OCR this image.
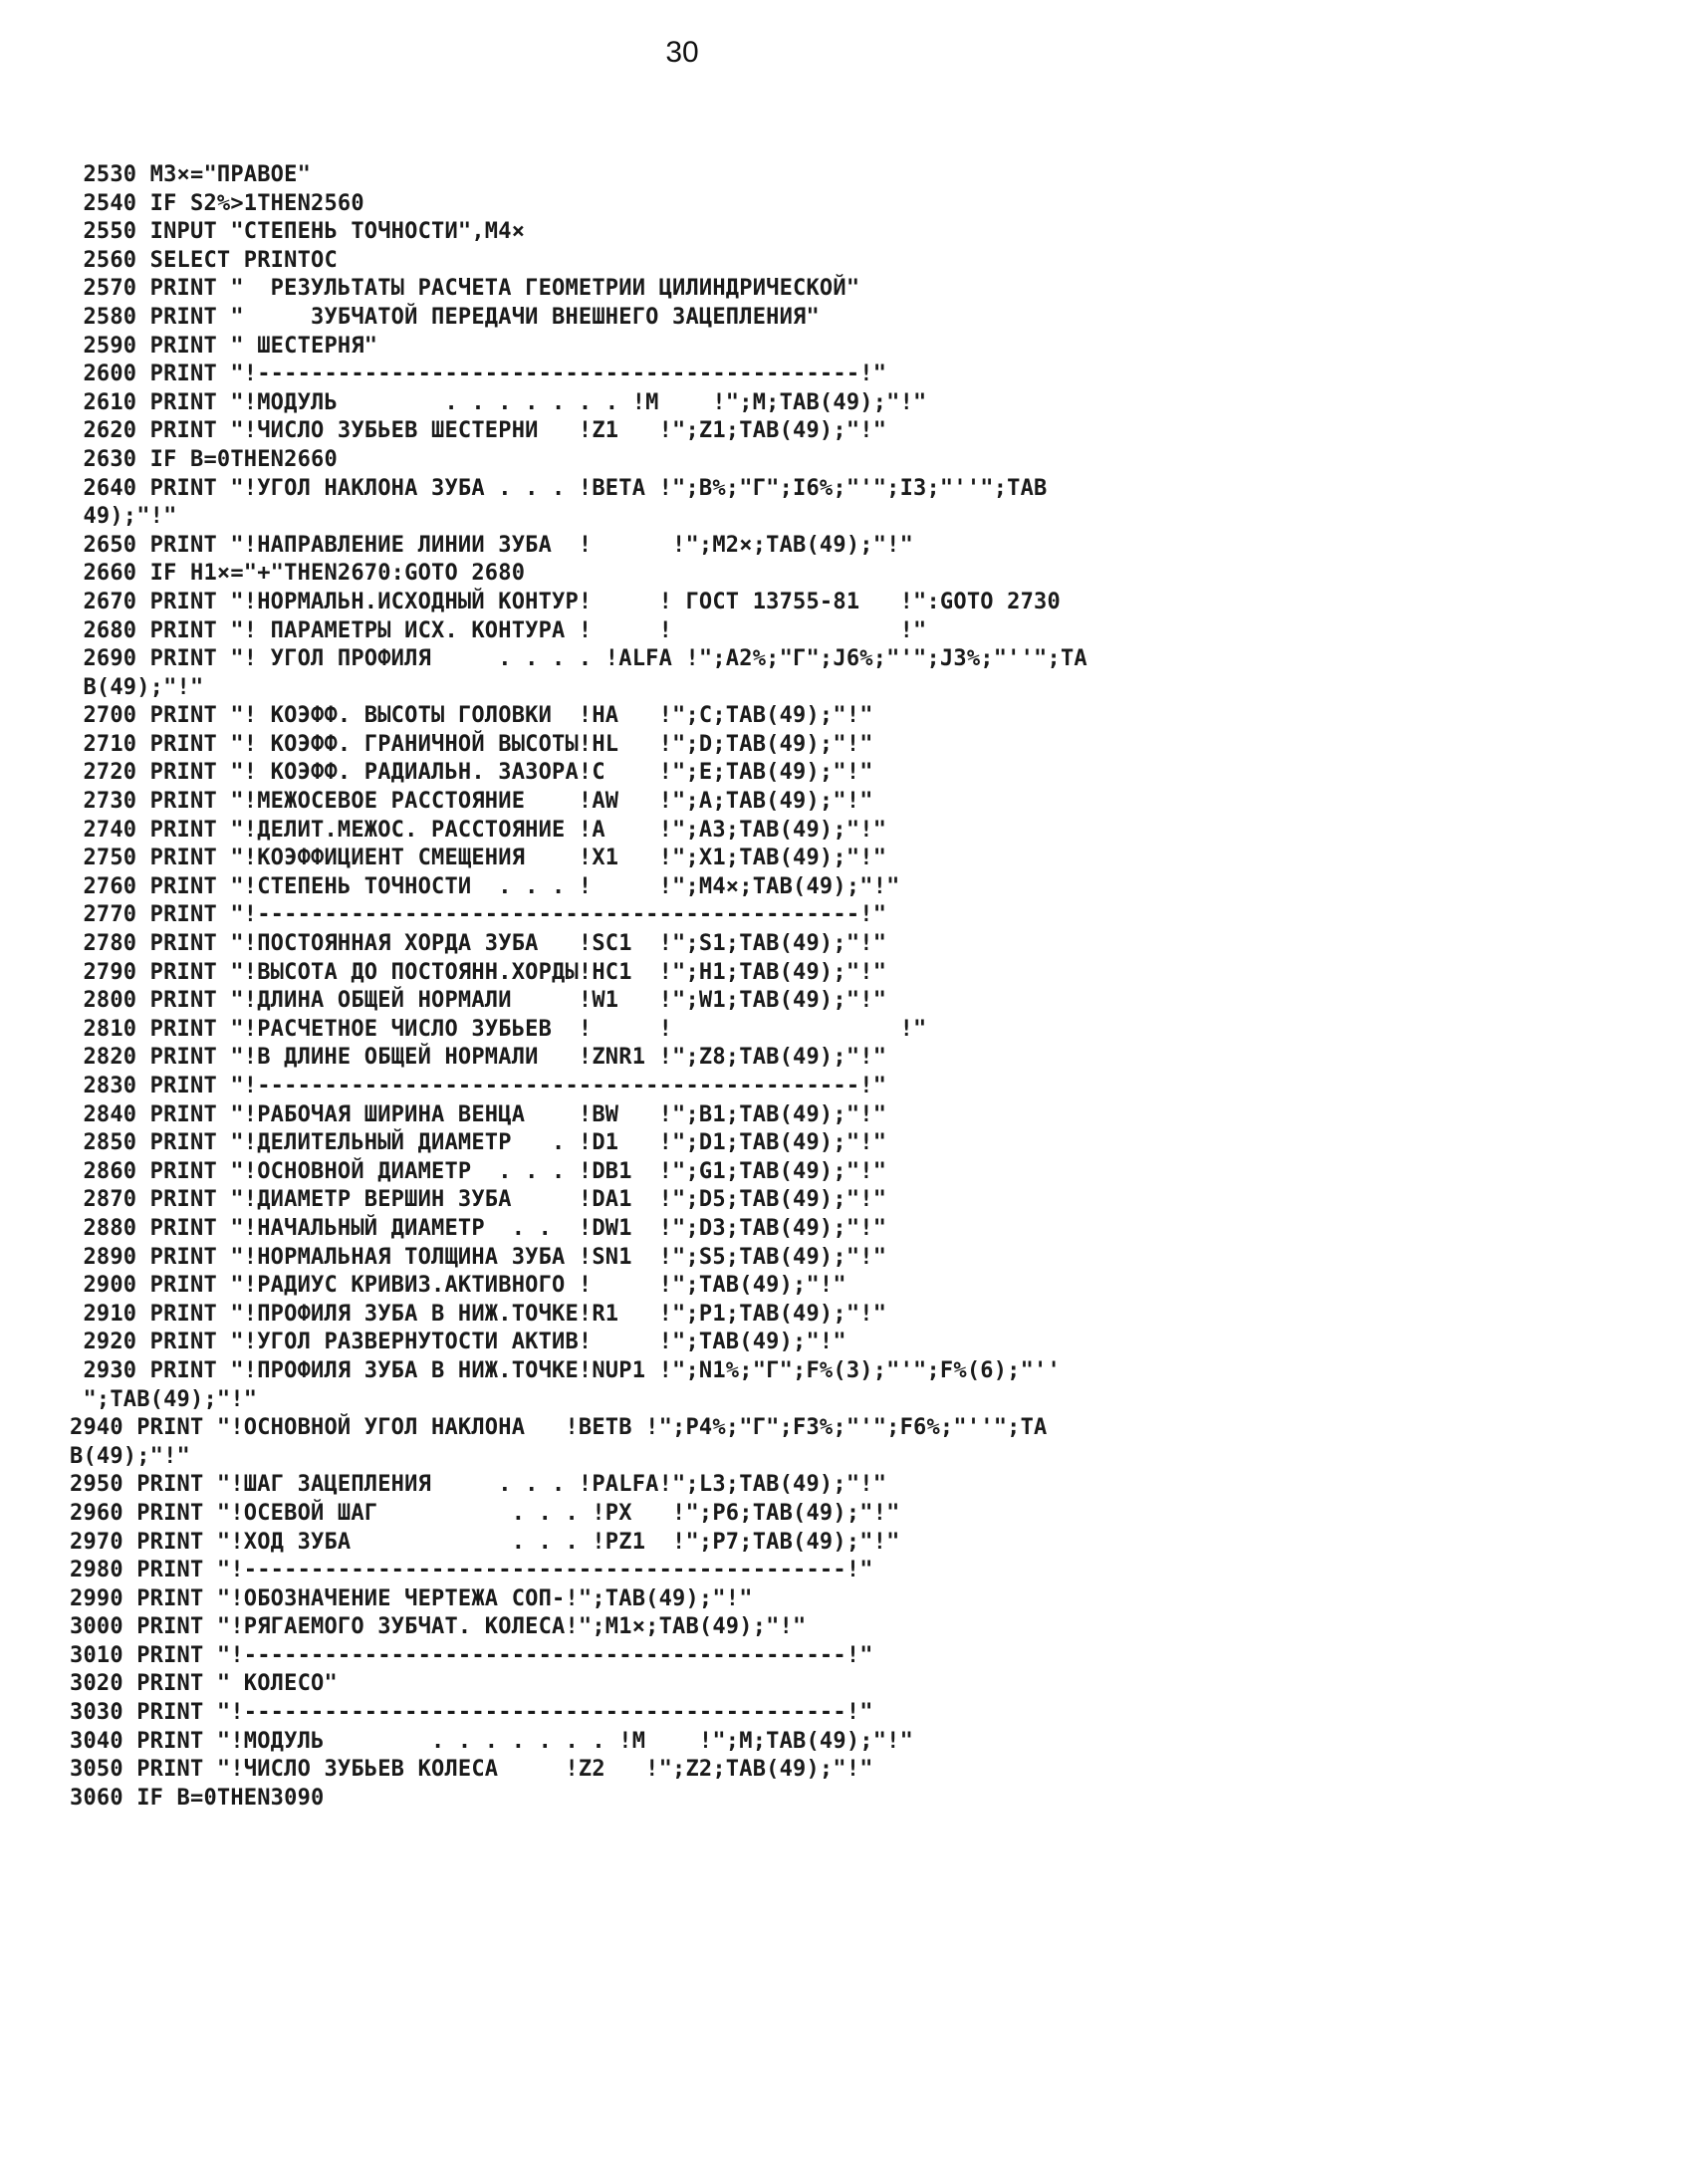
30
2530 M3×="ПРАВОЕ"
2540 IF S2%>1THEN2560
2550 INPUT "СТЕПЕНЬ ТОЧНОСТИ",M4×
2560 SELECT PRINTOC
2570 PRINT "  РЕЗУЛЬТАТЫ РАСЧЕТА ГЕОМЕТРИИ ЦИЛИНДРИЧЕСКОЙ"
2580 PRINT "     ЗУБЧАТОЙ ПЕРЕДАЧИ ВНЕШНЕГО ЗАЦЕПЛЕНИЯ"
2590 PRINT " ШЕСТЕРНЯ"
2600 PRINT "!---------------------------------------------!"
2610 PRINT "!МОДУЛЬ        . . . . . . . !M    !";M;TAB(49);"!"
2620 PRINT "!ЧИСЛО ЗУБЬЕВ ШЕСТЕРНИ   !Z1   !";Z1;TAB(49);"!"
2630 IF B=0THEN2660
2640 PRINT "!УГОЛ НАКЛОНА ЗУБА . . . !BETA !";B%;"Г";I6%;"'";I3;"''";TAB
49);"!"
2650 PRINT "!НАПРАВЛЕНИЕ ЛИНИИ ЗУБА  !      !";M2×;TAB(49);"!"
2660 IF H1×="+"THEN2670:GOTO 2680
2670 PRINT "!НОРМАЛЬН.ИСХОДНЫЙ КОНТУР!     ! ГОСТ 13755-81   !":GOTO 2730
2680 PRINT "! ПАРАМЕТРЫ ИСХ. КОНТУРА !     !                 !"
2690 PRINT "! УГОЛ ПРОФИЛЯ     . . . . !ALFA !";A2%;"Г";J6%;"'";J3%;"''";TA
B(49);"!"
2700 PRINT "! КОЭФФ. ВЫСОТЫ ГОЛОВКИ  !HA   !";C;TAB(49);"!"
2710 PRINT "! КОЭФФ. ГРАНИЧНОЙ ВЫСОТЫ!HL   !";D;TAB(49);"!"
2720 PRINT "! КОЭФФ. РАДИАЛЬН. ЗАЗОРА!C    !";E;TAB(49);"!"
2730 PRINT "!МЕЖОСЕВОЕ РАССТОЯНИЕ    !AW   !";A;TAB(49);"!"
2740 PRINT "!ДЕЛИТ.МЕЖОС. РАССТОЯНИЕ !A    !";A3;TAB(49);"!"
2750 PRINT "!КОЭФФИЦИЕНТ СМЕЩЕНИЯ    !X1   !";X1;TAB(49);"!"
2760 PRINT "!СТЕПЕНЬ ТОЧНОСТИ  . . . !     !";M4×;TAB(49);"!"
2770 PRINT "!---------------------------------------------!"
2780 PRINT "!ПОСТОЯННАЯ ХОРДА ЗУБА   !SC1  !";S1;TAB(49);"!"
2790 PRINT "!ВЫСОТА ДО ПОСТОЯНН.ХОРДЫ!HC1  !";H1;TAB(49);"!"
2800 PRINT "!ДЛИНА ОБЩЕЙ НОРМАЛИ     !W1   !";W1;TAB(49);"!"
2810 PRINT "!РАСЧЕТНОЕ ЧИСЛО ЗУБЬЕВ  !     !                 !"
2820 PRINT "!В ДЛИНЕ ОБЩЕЙ НОРМАЛИ   !ZNR1 !";Z8;TAB(49);"!"
2830 PRINT "!---------------------------------------------!"
2840 PRINT "!РАБОЧАЯ ШИРИНА ВЕНЦА    !BW   !";B1;TAB(49);"!"
2850 PRINT "!ДЕЛИТЕЛЬНЫЙ ДИАМЕТР   . !D1   !";D1;TAB(49);"!"
2860 PRINT "!ОСНОВНОЙ ДИАМЕТР  . . . !DB1  !";G1;TAB(49);"!"
2870 PRINT "!ДИАМЕТР ВЕРШИН ЗУБА     !DA1  !";D5;TAB(49);"!"
2880 PRINT "!НАЧАЛЬНЫЙ ДИАМЕТР  . .  !DW1  !";D3;TAB(49);"!"
2890 PRINT "!НОРМАЛЬНАЯ ТОЛЩИНА ЗУБА !SN1  !";S5;TAB(49);"!"
2900 PRINT "!РАДИУС КРИВИЗ.АКТИВНОГО !     !";TAB(49);"!"
2910 PRINT "!ПРОФИЛЯ ЗУБА В НИЖ.ТОЧКЕ!R1   !";P1;TAB(49);"!"
2920 PRINT "!УГОЛ РАЗВЕРНУТОСТИ АКТИВ!     !";TAB(49);"!"
2930 PRINT "!ПРОФИЛЯ ЗУБА В НИЖ.ТОЧКЕ!NUP1 !";N1%;"Г";F%(3);"'";F%(6);"''
";TAB(49);"!"
2940 PRINT "!ОСНОВНОЙ УГОЛ НАКЛОНА   !BETB !";P4%;"Г";F3%;"'";F6%;"''";TA
B(49);"!"
2950 PRINT "!ШАГ ЗАЦЕПЛЕНИЯ     . . . !PALFA!";L3;TAB(49);"!"
2960 PRINT "!ОСЕВОЙ ШАГ          . . . !PX   !";P6;TAB(49);"!"
2970 PRINT "!ХОД ЗУБА            . . . !PZ1  !";P7;TAB(49);"!"
2980 PRINT "!---------------------------------------------!"
2990 PRINT "!ОБОЗНАЧЕНИЕ ЧЕРТЕЖА СОП-!";TAB(49);"!"
3000 PRINT "!РЯГАЕМОГО ЗУБЧАТ. КОЛЕСА!";M1×;TAB(49);"!"
3010 PRINT "!---------------------------------------------!"
3020 PRINT " КОЛЕСО"
3030 PRINT "!---------------------------------------------!"
3040 PRINT "!МОДУЛЬ        . . . . . . . !M    !";M;TAB(49);"!"
3050 PRINT "!ЧИСЛО ЗУБЬЕВ КОЛЕСА     !Z2   !";Z2;TAB(49);"!"
3060 IF B=0THEN3090
